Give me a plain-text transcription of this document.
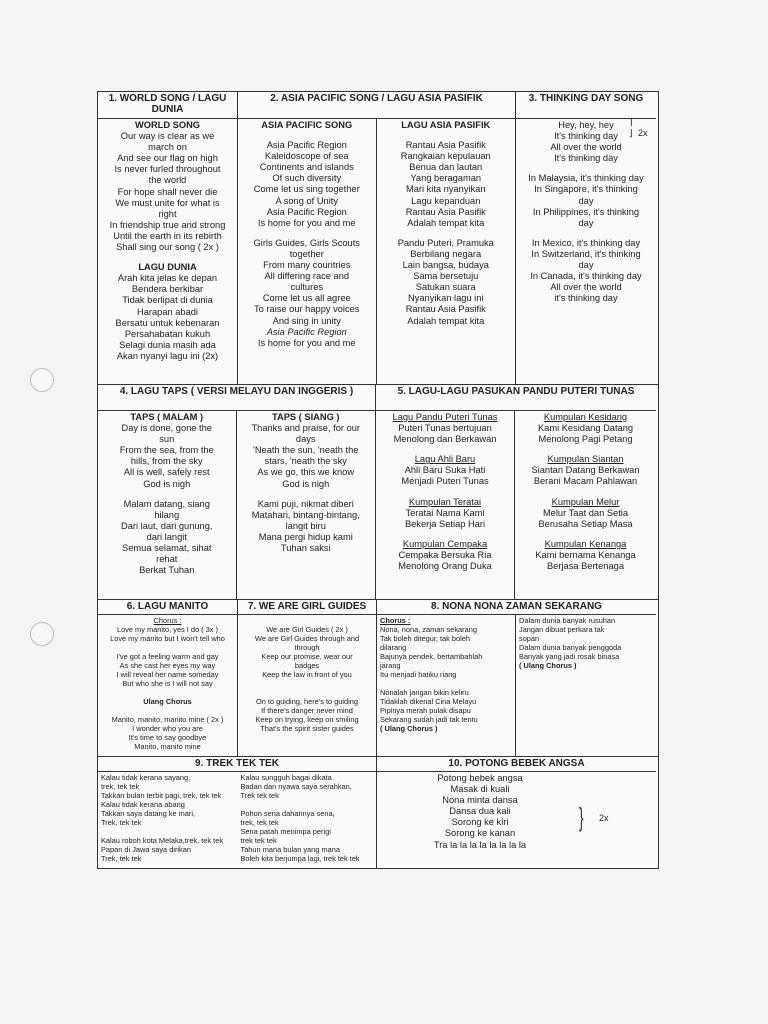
1. WORLD SONG / LAGU DUNIA
WORLD SONG
Our way is clear as we
march on
And see our flag on high
Is never furled throughout
the world
For hope shall never die
We must unite for what is
right
In friendship true and strong
Until the earth in its rebirth
Shall sing our song ( 2x )
LAGU DUNIA
Arah kita jelas ke depan
Bendera berkibar
Tidak berlipat di dunia
Harapan abadi
Bersatu untuk kebenaran
Persahabatan kukuh
Selagi dunia masih ada
Akan nyanyi lagu ini (2x)
2. ASIA PACIFIC SONG / LAGU ASIA PASIFIK
ASIA PACIFIC SONG
Asia Pacific Region
Kaleidoscope of sea
Continents and islands
Of such diversity
Come let us sing together
A song of Unity
Asia Pacific Region
Is home for you and me
Girls Guides, Girls Scouts
together
From many countries
All differing race and
cultures
Come let us all agree
To raise our happy voices
And sing in unity
Asia Pacific Region
Is home for you and me
LAGU ASIA PASIFIK
Rantau Asia Pasifik
Rangkaian kepulauan
Benua dan lautan
Yang beragaman
Mari kita nyanyikan
Lagu kepanduan
Rantau Asia Pasifik
Adalah tempat kita
Pandu Puteri, Pramuka
Berbilang negara
Lain bangsa, budaya
Sama bersetuju
Satukan suara
Nyanyikan lagu ini
Rantau Asia Pasifik
Adalah tempat kita
3. THINKING DAY SONG
Hey, hey, hey
It's thinking day
All over the world
It's thinking day
In Malaysia, it's thinking day
In Singapore, it's thinking
day
In Philippines, it's thinking
day
In Mexico, it's thinking day
In Switzerland, it's thinking
day
In Canada, it's thinking day
All over the world
it's thinking day
⌉
⌋ 2x
4. LAGU TAPS ( VERSI MELAYU DAN INGGERIS )
TAPS ( MALAM )
Day is done, gone the
sun
From the sea, from the
hills, from the sky
All is well, safely rest
God is nigh
Malam datang, siang
hilang
Dari laut, dari gunung,
dari langit
Semua selamat, sihat
rehat
Berkat Tuhan
TAPS ( SIANG )
Thanks and praise, for our
days
'Neath the sun, 'neath the
stars, 'neath the sky
As we go, this we know
God is nigh
Kami puji, nikmat diberi
Matahari, bintang-bintang,
langit biru
Mana pergi hidup kami
Tuhan saksi
5. LAGU-LAGU PASUKAN PANDU PUTERI TUNAS
Lagu Pandu Puteri Tunas
Puteri Tunas bertujuan
Menolong dan Berkawan
Lagu Ahli Baru
Ahli Baru Suka Hati
Menjadi Puteri Tunas
Kumpulan Teratai
Teratai Nama Kami
Bekerja Setiap Hari
Kumpulan Cempaka
Cempaka Bersuka Ria
Menolong Orang Duka
Kumpulan Kesidang
Kami Kesidang Datang
Menolong Pagi Petang
Kumpulan Siantan
Siantan Datang Berkawan
Berani Macam Pahlawan
Kumpulan Melur
Melur Taat dan Setia
Berusaha Setiap Masa
Kumpulan Kenanga
Kami bernama Kenanga
Berjasa Bertenaga
6. LAGU MANITO
Chorus :
Love my manito, yes I do ( 3x )
Love my manito but I won't tell who
I've got a feeling warm and gay
As she cast her eyes my way
I will reveal her name someday
But who she is I will not say
Ulang Chorus
Manito, manito, manito mine ( 2x )
I wonder who you are
It's time to say goodbye
Manito, manito mine
7. WE ARE GIRL GUIDES
We are Girl Guides ( 2x )
We are Girl Guides through and
through
Keep our promise, wear our
badges
Keep the law in front of you
On to guiding, here's to guiding
If there's danger never mind
Keep on trying, keep on smiling
That's the spirit sister guides
8. NONA NONA ZAMAN SEKARANG
Chorus :
Nona, nona, zaman sekarang
Tak boleh ditegur, tak boleh
dilarang
Bajunya pendek, bertambahlah
jarang
Itu menjadi hatiku riang
Nonalah jangan bikin keliru
Tidaklah dikenal Cina Melayu
Pipinya merah pulak disapu
Sekarang sudah jadi tak tentu
( Ulang Chorus )
Dalam dunia banyak rusuhan
Jangan dibuat perkara tak
sopan
Dalam dunia banyak penggoda
Banyak yang jadi rosak binasa
( Ulang Chorus )
9. TREK TEK TEK
Kalau tidak kerana sayang,
trek, tek tek
Takkan bulan terbit pagi, trek, tek tek
Kalau tidak kerana abang
Takkan saya datang ke mari,
Trek, tek tek
Kalau roboh kota Melaka,trek, tek tek
Papan di Jawa saya dirikan
Trek, tek tek
Kalau sungguh bagai dikata
Badan dan nyawa saya serahkan,
Trek tek tek
Pohon sena dahannya sena,
trek, tek tek
Sena patah menimpa perigi
trek tek tek
Tahun mana bulan yang mana
Boleh kita berjumpa lagi, trek tek tek
10. POTONG BEBEK ANGSA
Potong bebek angsa
Masak di kuali
Nona minta dansa
Dansa dua kali
Sorong ke kiri
Sorong ke kanan
Tra la la la la la la la la
} 2x
